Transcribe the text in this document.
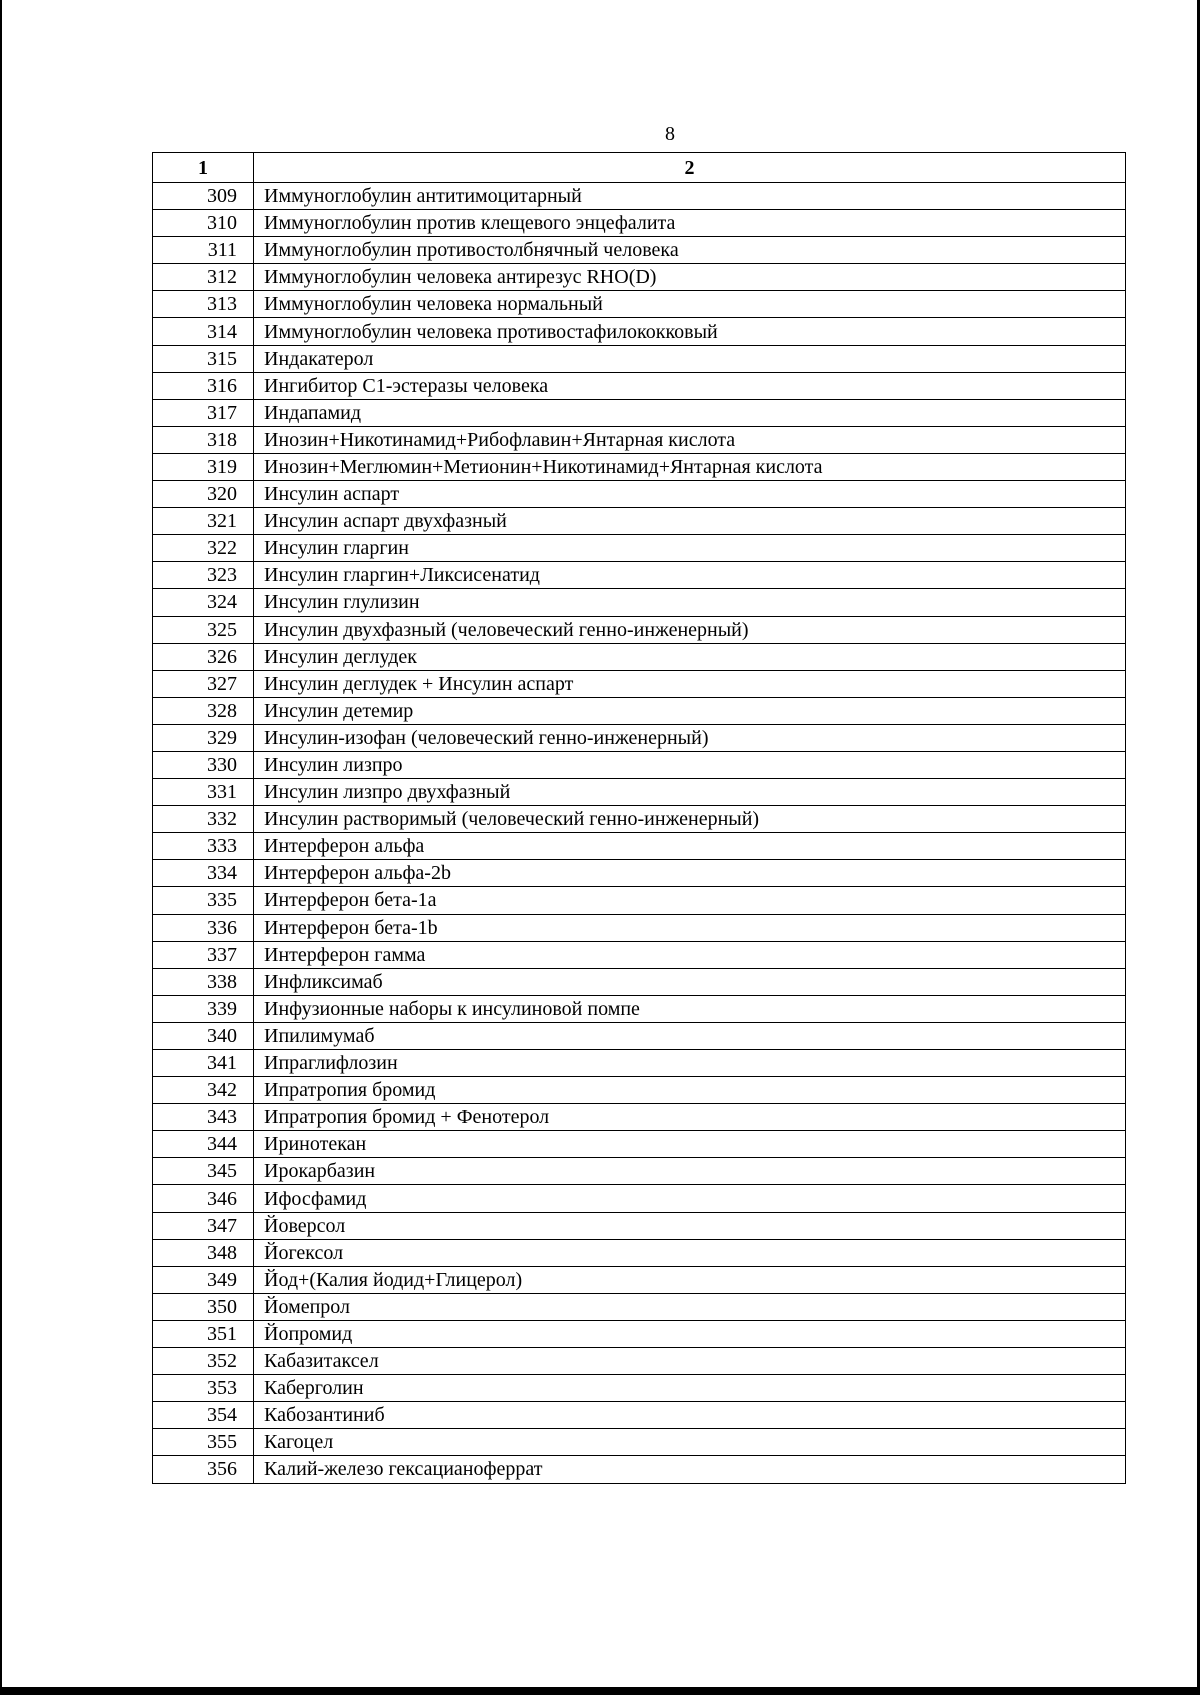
8
1	2
309	Иммуноглобулин антитимоцитарный
310	Иммуноглобулин против клещевого энцефалита
311	Иммуноглобулин противостолбнячный человека
312	Иммуноглобулин человека антирезус RHO(D)
313	Иммуноглобулин человека нормальный
314	Иммуноглобулин человека противостафилококковый
315	Индакатерол
316	Ингибитор С1-эстеразы человека
317	Индапамид
318	Инозин+Никотинамид+Рибофлавин+Янтарная кислота
319	Инозин+Меглюмин+Метионин+Никотинамид+Янтарная кислота
320	Инсулин аспарт
321	Инсулин аспарт двухфазный
322	Инсулин гларгин
323	Инсулин гларгин+Ликсисенатид
324	Инсулин глулизин
325	Инсулин двухфазный (человеческий генно-инженерный)
326	Инсулин деглудек
327	Инсулин деглудек + Инсулин аспарт
328	Инсулин детемир
329	Инсулин-изофан (человеческий генно-инженерный)
330	Инсулин лизпро
331	Инсулин лизпро двухфазный
332	Инсулин растворимый (человеческий генно-инженерный)
333	Интерферон альфа
334	Интерферон альфа-2b
335	Интерферон бета-1a
336	Интерферон бета-1b
337	Интерферон гамма
338	Инфликсимаб
339	Инфузионные наборы к инсулиновой помпе
340	Ипилимумаб
341	Ипраглифлозин
342	Ипратропия бромид
343	Ипратропия бромид + Фенотерол
344	Иринотекан
345	Ирокарбазин
346	Ифосфамид
347	Йоверсол
348	Йогексол
349	Йод+(Калия йодид+Глицерол)
350	Йомепрол
351	Йопромид
352	Кабазитаксел
353	Каберголин
354	Кабозантиниб
355	Кагоцел
356	Калий-железо гексацианоферрат
